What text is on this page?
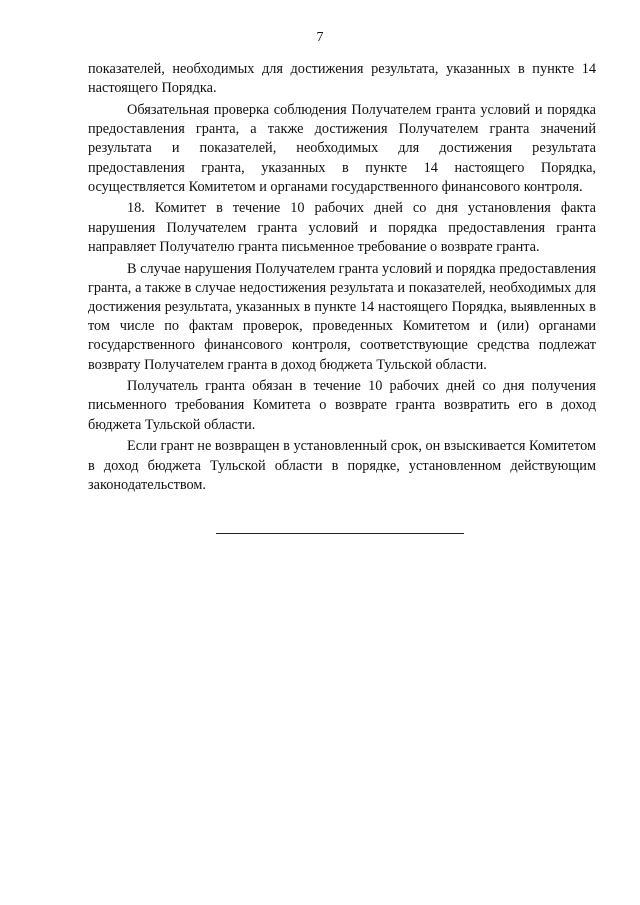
7

показателей, необходимых для достижения результата, указанных в пункте 14 настоящего Порядка.

Обязательная проверка соблюдения Получателем гранта условий и порядка предоставления гранта, а также достижения Получателем гранта значений результата и показателей, необходимых для достижения результата предоставления гранта, указанных в пункте 14 настоящего Порядка, осуществляется Комитетом и органами государственного финансового контроля.

18. Комитет в течение 10 рабочих дней со дня установления факта нарушения Получателем гранта условий и порядка предоставления гранта направляет Получателю гранта письменное требование о возврате гранта.

В случае нарушения Получателем гранта условий и порядка предоставления гранта, а также в случае недостижения результата и показателей, необходимых для достижения результата, указанных в пункте 14 настоящего Порядка, выявленных в том числе по фактам проверок, проведенных Комитетом и (или) органами государственного финансового контроля, соответствующие средства подлежат возврату Получателем гранта в доход бюджета Тульской области.

Получатель гранта обязан в течение 10 рабочих дней со дня получения письменного требования Комитета о возврате гранта возвратить его в доход бюджета Тульской области.

Если грант не возвращен в установленный срок, он взыскивается Комитетом в доход бюджета Тульской области в порядке, установленном действующим законодательством.
